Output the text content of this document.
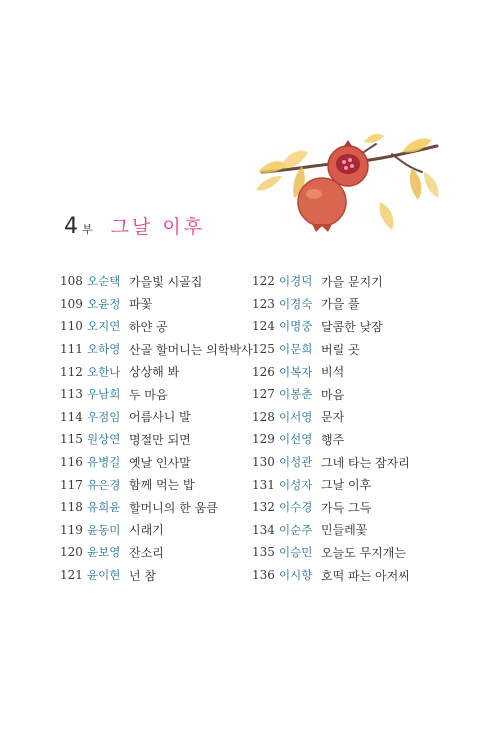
4 부 그날 이후
108 오순택 가을빛 시골집
109 오윤정 파꽃
110 오지연 하얀 공
111 오하영 산골 할머니는 의학박사
112 오한나 상상해 봐
113 우남희 두 마음
114 우점임 어름사니 발
115 원상연 명절만 되면
116 유병길 옛날 인사말
117 유은경 함께 먹는 밥
118 유희윤 할머니의 한 움큼
119 윤동미 시래기
120 윤보영 잔소리
121 윤이현 넌 참
122 이경덕 가을 문지기
123 이경숙 가을 풀
124 이명중 달콤한 낮잠
125 이문희 버릴 곳
126 이복자 비석
127 이봉춘 마음
128 이서영 문자
129 이선영 행주
130 이성관 그네 타는 잠자리
131 이성자 그날 이후
132 이수경 가득 그득
134 이순주 민들레꽃
135 이승민 오늘도 무지개는
136 이시향 호떡 파는 아저씨
